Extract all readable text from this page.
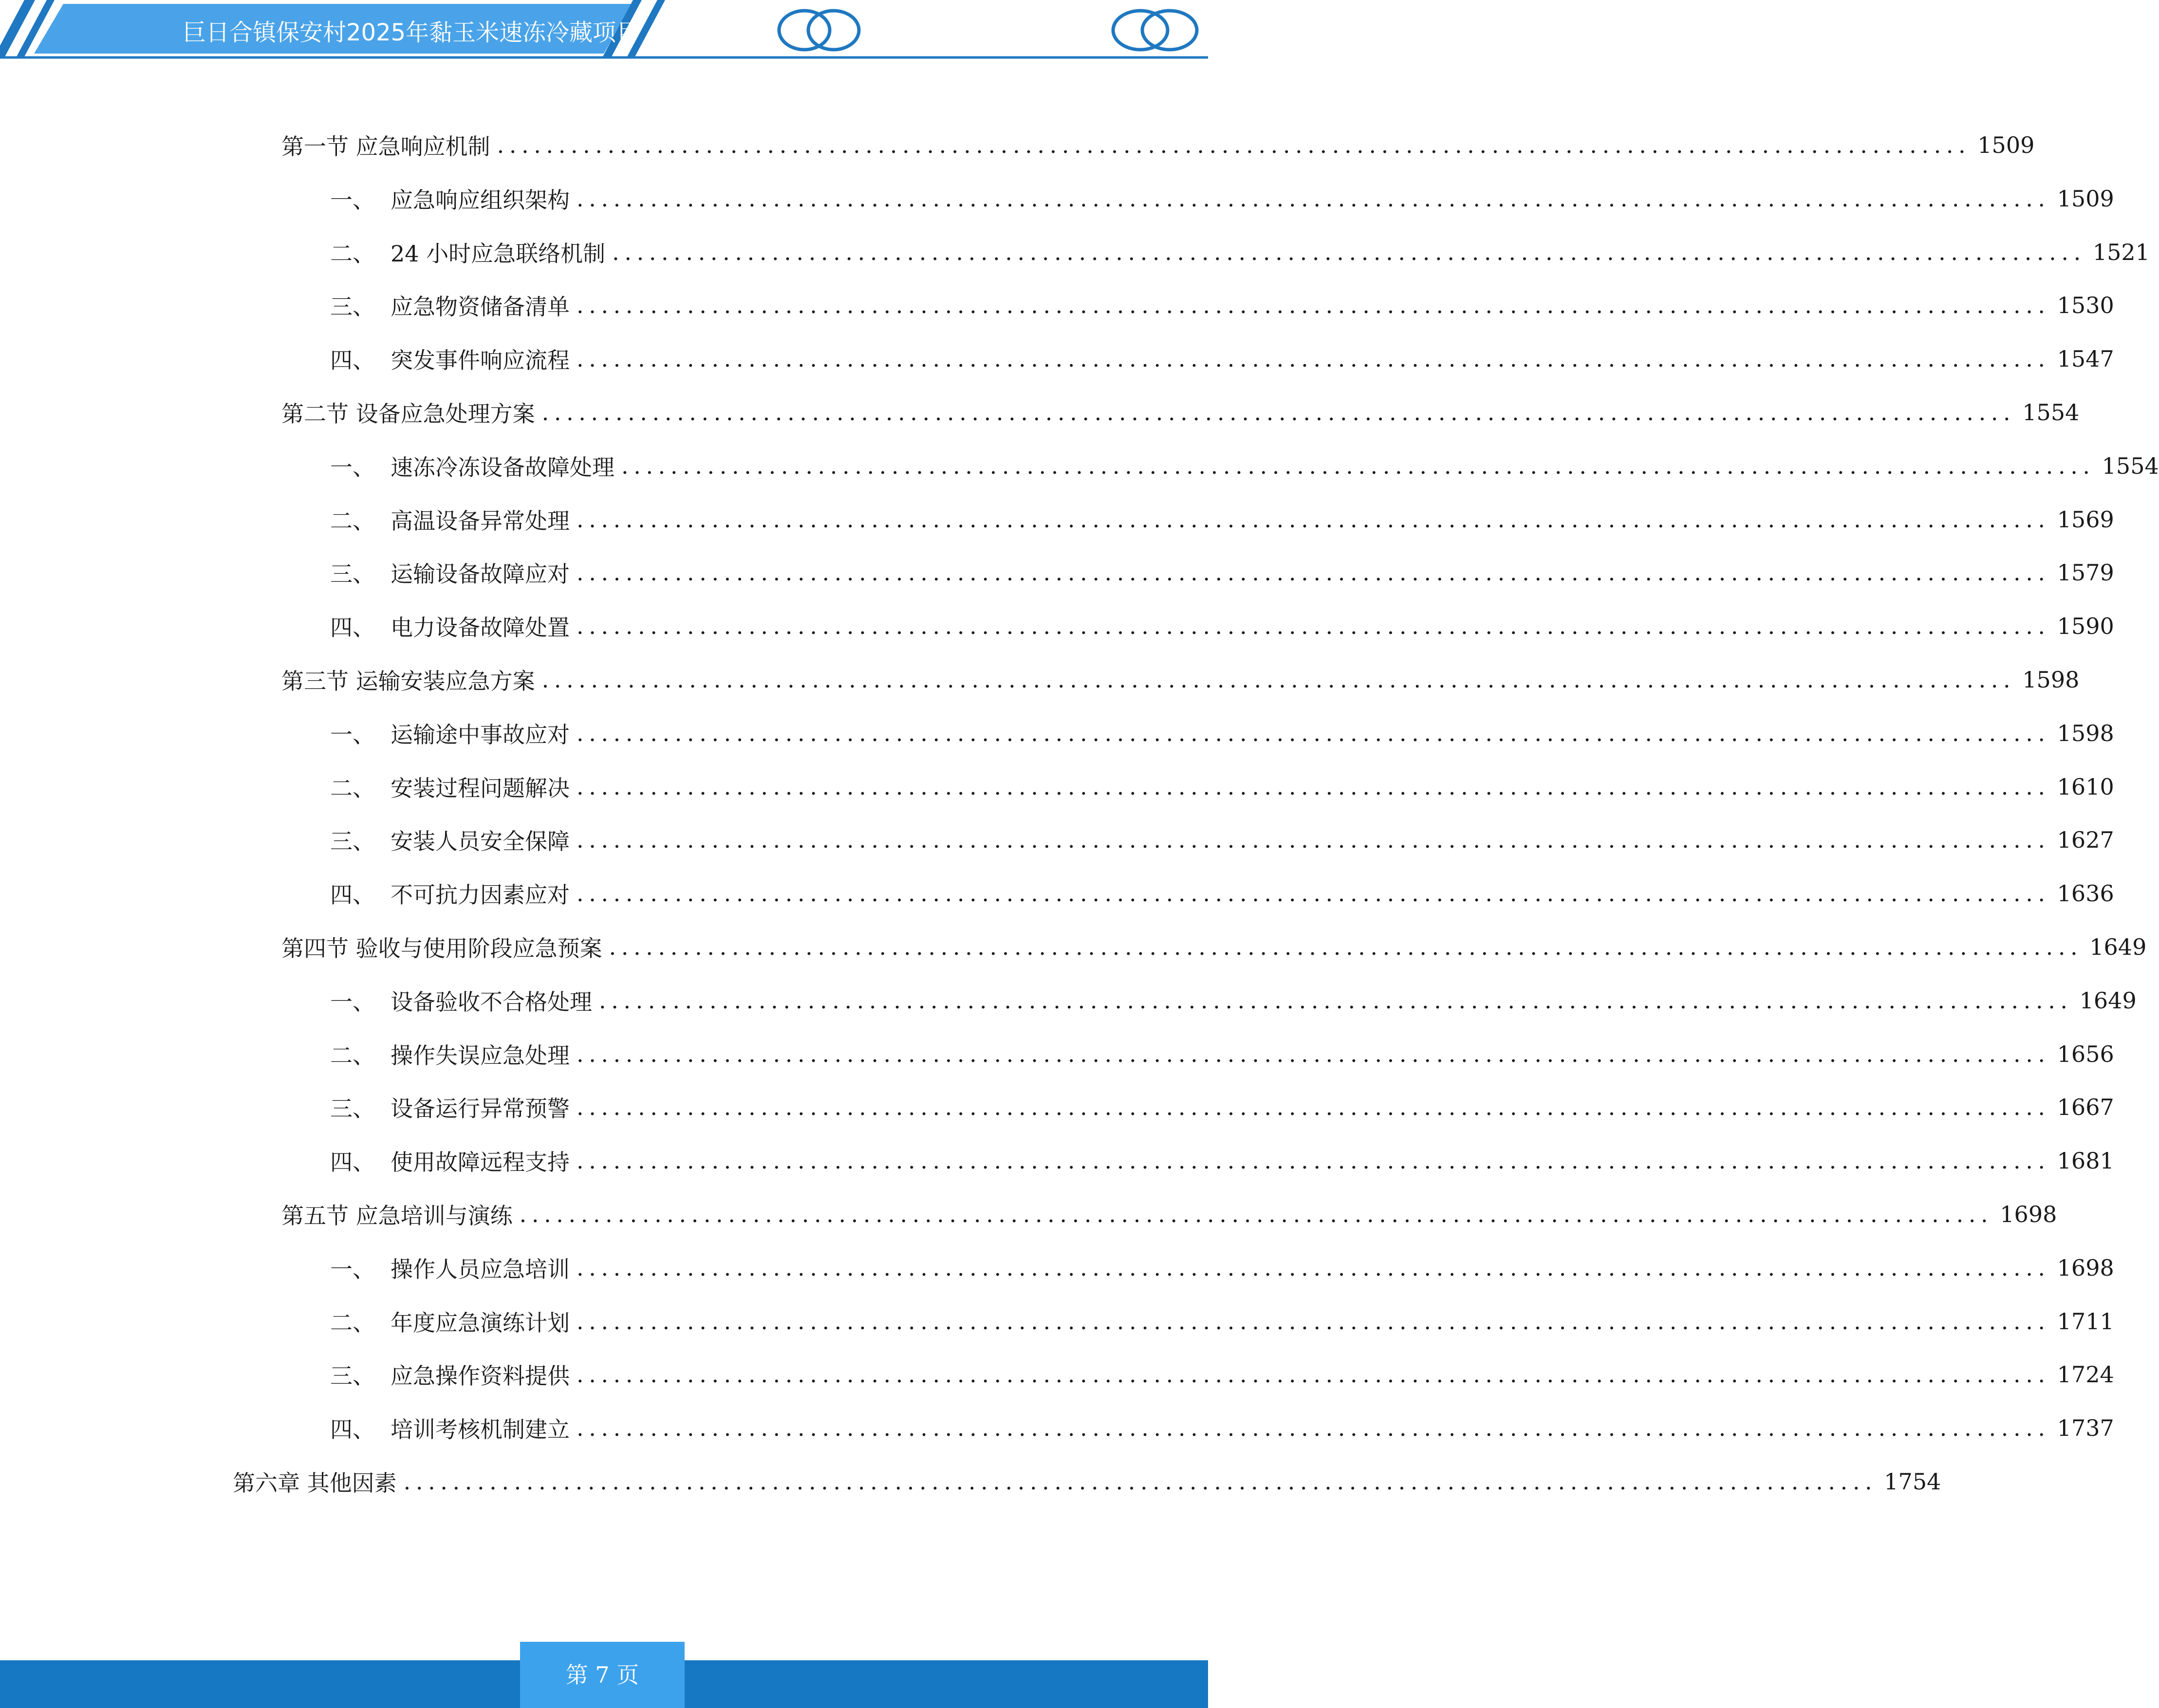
巨日合镇保安村2025年黏玉米速冻冷藏项目
第一节 应急响应机制 ........................................................................................................................ 1509
一、 应急响应组织架构 ........................................................................................................................ 1509
二、 24 小时应急联络机制 ........................................................................................................................ 1521
三、 应急物资储备清单 ........................................................................................................................ 1530
四、 突发事件响应流程 ........................................................................................................................ 1547
第二节 设备应急处理方案 ........................................................................................................................ 1554
一、 速冻冷冻设备故障处理 ........................................................................................................................ 1554
二、 高温设备异常处理 ........................................................................................................................ 1569
三、 运输设备故障应对 ........................................................................................................................ 1579
四、 电力设备故障处置 ........................................................................................................................ 1590
第三节 运输安装应急方案 ........................................................................................................................ 1598
一、 运输途中事故应对 ........................................................................................................................ 1598
二、 安装过程问题解决 ........................................................................................................................ 1610
三、 安装人员安全保障 ........................................................................................................................ 1627
四、 不可抗力因素应对 ........................................................................................................................ 1636
第四节 验收与使用阶段应急预案 ........................................................................................................................ 1649
一、 设备验收不合格处理 ........................................................................................................................ 1649
二、 操作失误应急处理 ........................................................................................................................ 1656
三、 设备运行异常预警 ........................................................................................................................ 1667
四、 使用故障远程支持 ........................................................................................................................ 1681
第五节 应急培训与演练 ........................................................................................................................ 1698
一、 操作人员应急培训 ........................................................................................................................ 1698
二、 年度应急演练计划 ........................................................................................................................ 1711
三、 应急操作资料提供 ........................................................................................................................ 1724
四、 培训考核机制建立 ........................................................................................................................ 1737
第六章 其他因素 ........................................................................................................................ 1754
第 7 页
